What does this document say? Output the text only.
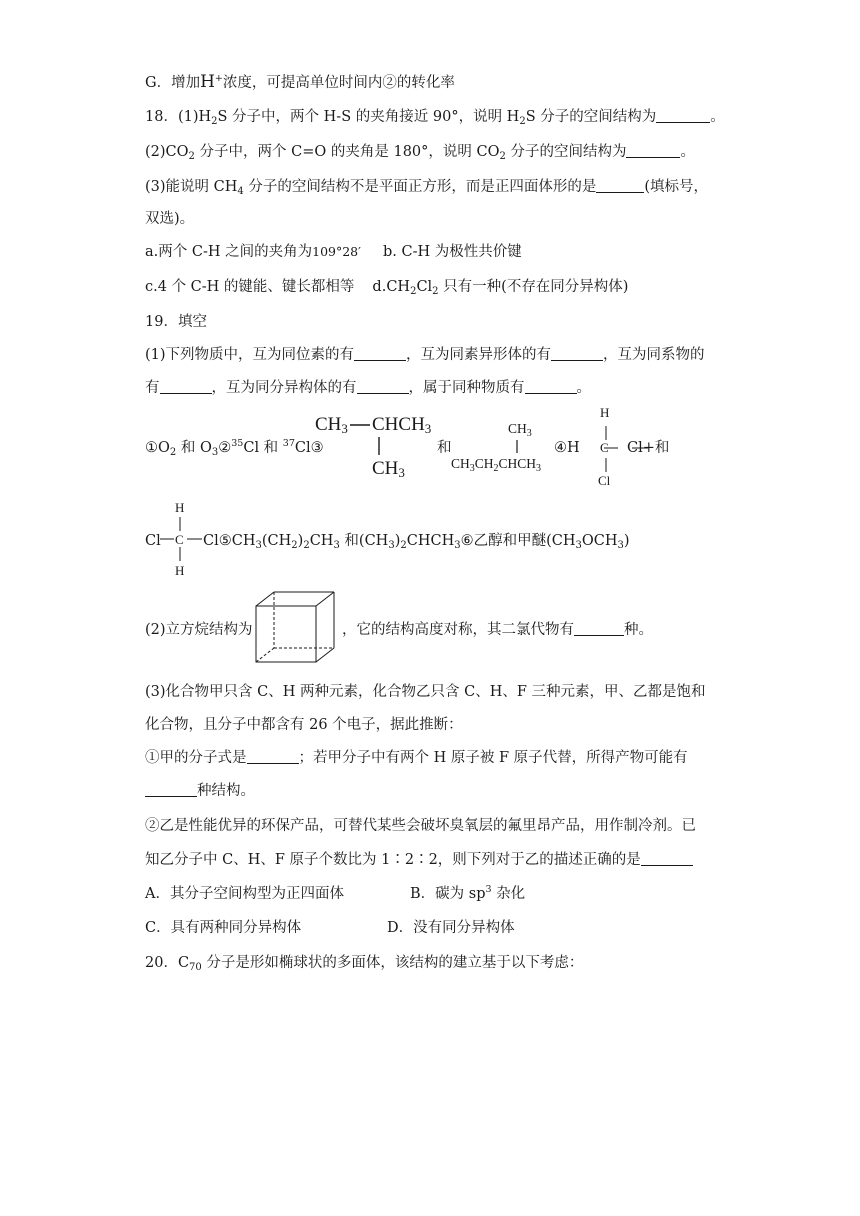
G．增加H+浓度，可提高单位时间内②的转化率
18．$(1)H_2S$ 分子中，两个 H-S 的夹角接近 90°，说明 $H_2S$ 分子的空间结构为	。
$(2)CO_2$ 分子中，两个 C=O 的夹角是 180°，说明 $CO_2$ 分子的空间结构为	。
(3)能说明 $CH_4$ 分子的空间结构不是平面正方形，而是正四面体形的是	(填标号，
双选)。
a.两个 C-H 之间的夹角为109°28′ b. C-H 为极性共价键
c.4 个 C-H 的键能、键长都相等 $d.CH_2Cl_2$ 只有一种(不存在同分异构体)
19．填空
(1)下列物质中，互为同位素的有	，互为同素异形体的有	，互为同系物的
有	，互为同分异构体的有	，属于同种物质有	。
$①O_2$ 和 $O_3②^{35}Cl$ 和 $^{37}$Cl③
$CH_3$ $CHCH_3$
$CH_3$
和
$CH_3$
$CH_3CH_2CHCH_3$
④H
H
C
Cl
Cl+和
H
C
H
Cl	$Cl⑤CH_3(CH_2)_2CH_3$ 和$(CH_3)_2CHCH_3⑥$乙醇和甲醚$(CH_3OCH_3)$
(2)立方烷结构为	，它的结构高度对称，其二氯代物有	种。
(3)化合物甲只含 C、H 两种元素，化合物乙只含 C、H、F 三种元素，甲、乙都是饱和
化合物，且分子中都含有 26 个电子，据此推断：
①甲的分子式是	；若甲分子中有两个 H 原子被 F 原子代替，所得产物可能有
种结构。
②乙是性能优异的环保产品，可替代某些会破坏臭氧层的氟里昂产品，用作制冷剂。已
知乙分子中 C、H、F 原子个数比为 1∶2∶2，则下列对于乙的描述正确的是
A．其分子空间构型为正四面体	B．碳为 $sp^3$ 杂化
C．具有两种同分异构体	D．没有同分异构体
20．$C_{70}$ 分子是形如椭球状的多面体，该结构的建立基于以下考虑：
